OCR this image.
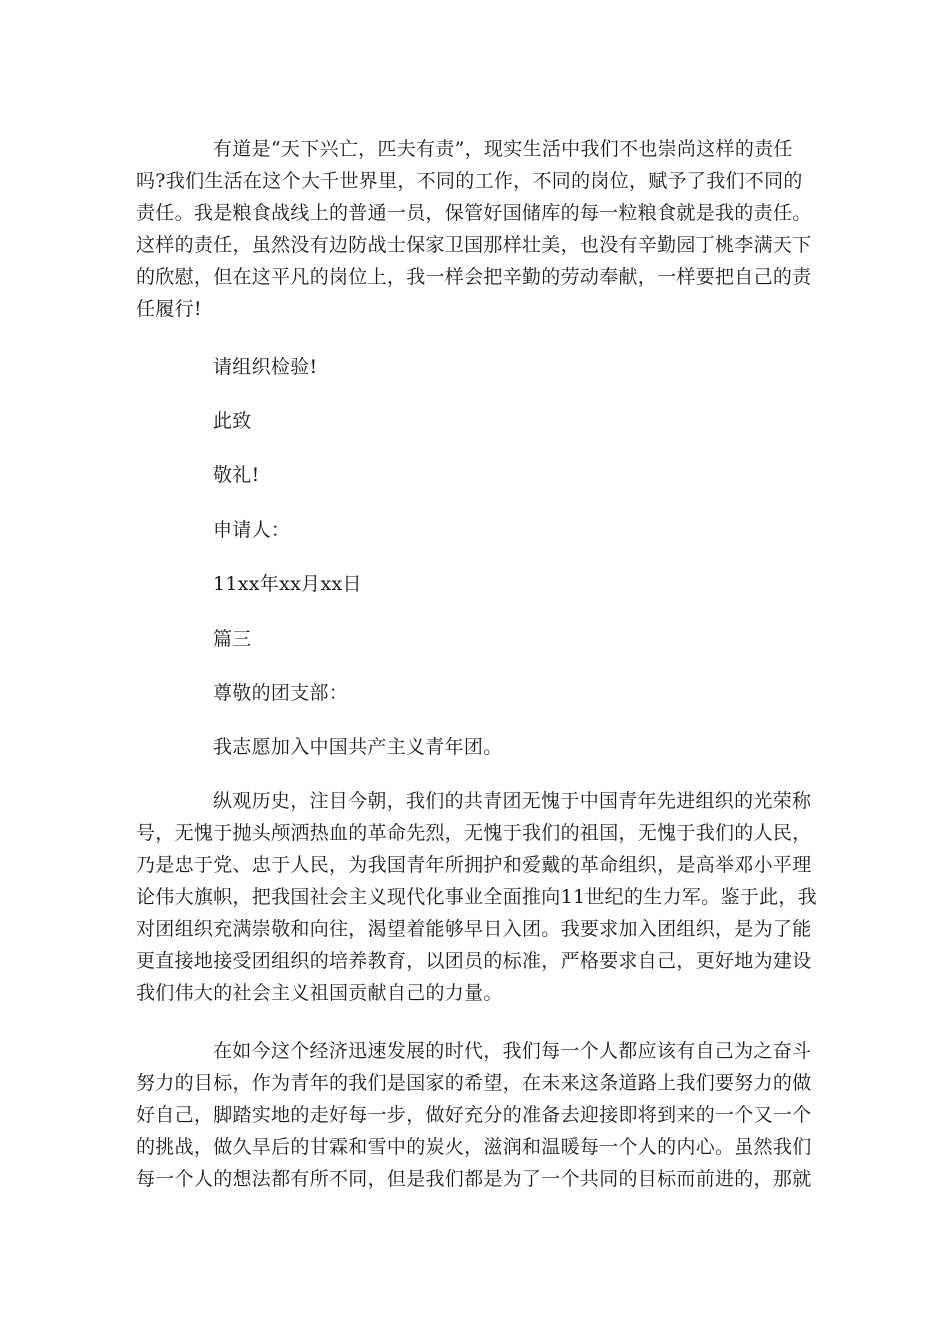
有道是“天下兴亡，匹夫有责”，现实生活中我们不也崇尚这样的责任
吗?我们生活在这个大千世界里，不同的工作，不同的岗位，赋予了我们不同的
责任。我是粮食战线上的普通一员，保管好国储库的每一粒粮食就是我的责任。
这样的责任，虽然没有边防战士保家卫国那样壮美，也没有辛勤园丁桃李满天下
的欣慰，但在这平凡的岗位上，我一样会把辛勤的劳动奉献，一样要把自己的责
任履行!
请组织检验!
此致
敬礼!
申请人：
11xx年xx月xx日
篇三
尊敬的团支部：
我志愿加入中国共产主义青年团。
纵观历史，注目今朝，我们的共青团无愧于中国青年先进组织的光荣称
号，无愧于抛头颅洒热血的革命先烈，无愧于我们的祖国，无愧于我们的人民，
乃是忠于党、忠于人民，为我国青年所拥护和爱戴的革命组织，是高举邓小平理
论伟大旗帜，把我国社会主义现代化事业全面推向11世纪的生力军。鉴于此，我
对团组织充满崇敬和向往，渴望着能够早日入团。我要求加入团组织，是为了能
更直接地接受团组织的培养教育，以团员的标准，严格要求自己，更好地为建设
我们伟大的社会主义祖国贡献自己的力量。
在如今这个经济迅速发展的时代，我们每一个人都应该有自己为之奋斗
努力的目标，作为青年的我们是国家的希望，在未来这条道路上我们要努力的做
好自己，脚踏实地的走好每一步，做好充分的准备去迎接即将到来的一个又一个
的挑战，做久旱后的甘霖和雪中的炭火，滋润和温暖每一个人的内心。虽然我们
每一个人的想法都有所不同，但是我们都是为了一个共同的目标而前进的，那就
